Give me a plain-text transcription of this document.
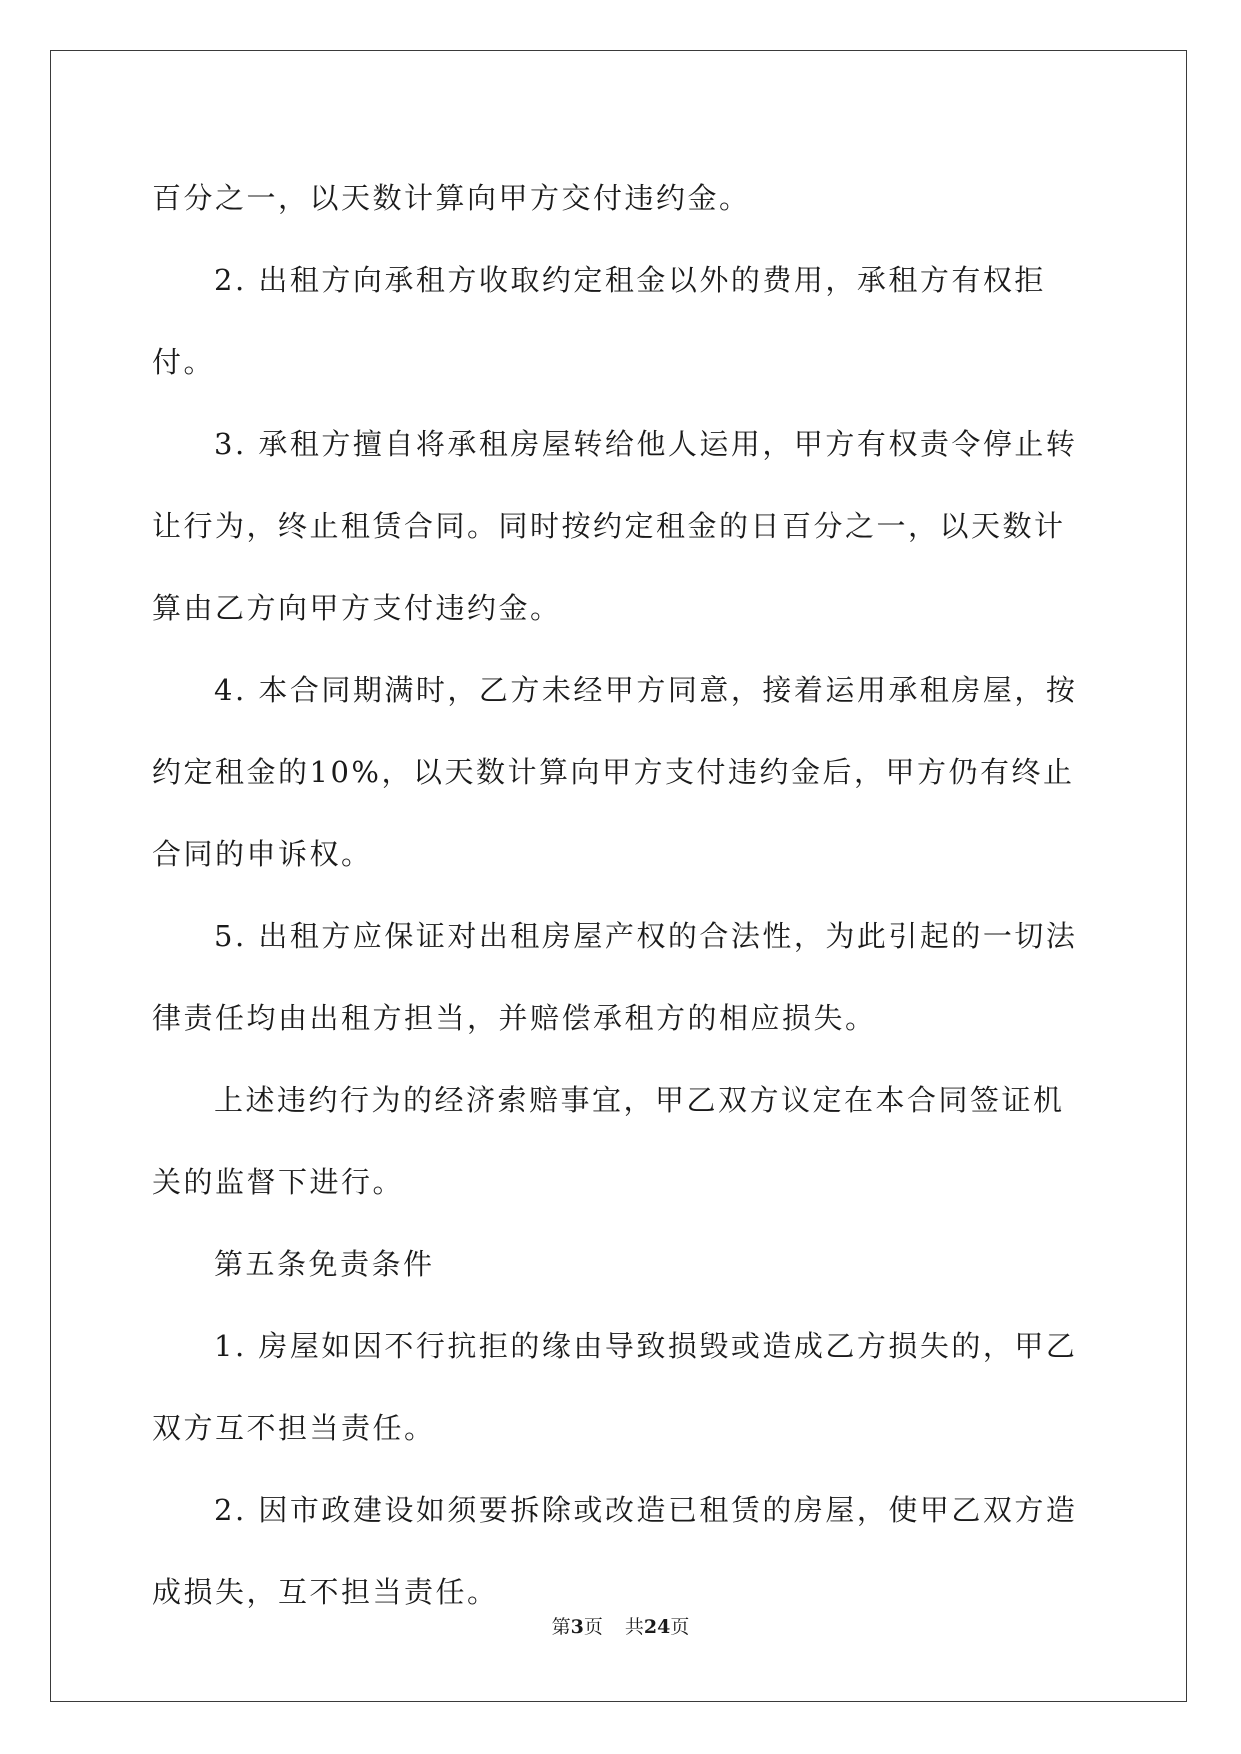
百分之一，以天数计算向甲方交付违约金。

2. 出租方向承租方收取约定租金以外的费用，承租方有权拒付。

3. 承租方擅自将承租房屋转给他人运用，甲方有权责令停止转让行为，终止租赁合同。同时按约定租金的日百分之一，以天数计算由乙方向甲方支付违约金。

4. 本合同期满时，乙方未经甲方同意，接着运用承租房屋，按约定租金的10%，以天数计算向甲方支付违约金后，甲方仍有终止合同的申诉权。

5. 出租方应保证对出租房屋产权的合法性，为此引起的一切法律责任均由出租方担当，并赔偿承租方的相应损失。

上述违约行为的经济索赔事宜，甲乙双方议定在本合同签证机关的监督下进行。

第五条免责条件

1. 房屋如因不行抗拒的缘由导致损毁或造成乙方损失的，甲乙双方互不担当责任。

2. 因市政建设如须要拆除或改造已租赁的房屋，使甲乙双方造成损失，互不担当责任。

第3页 共24页
